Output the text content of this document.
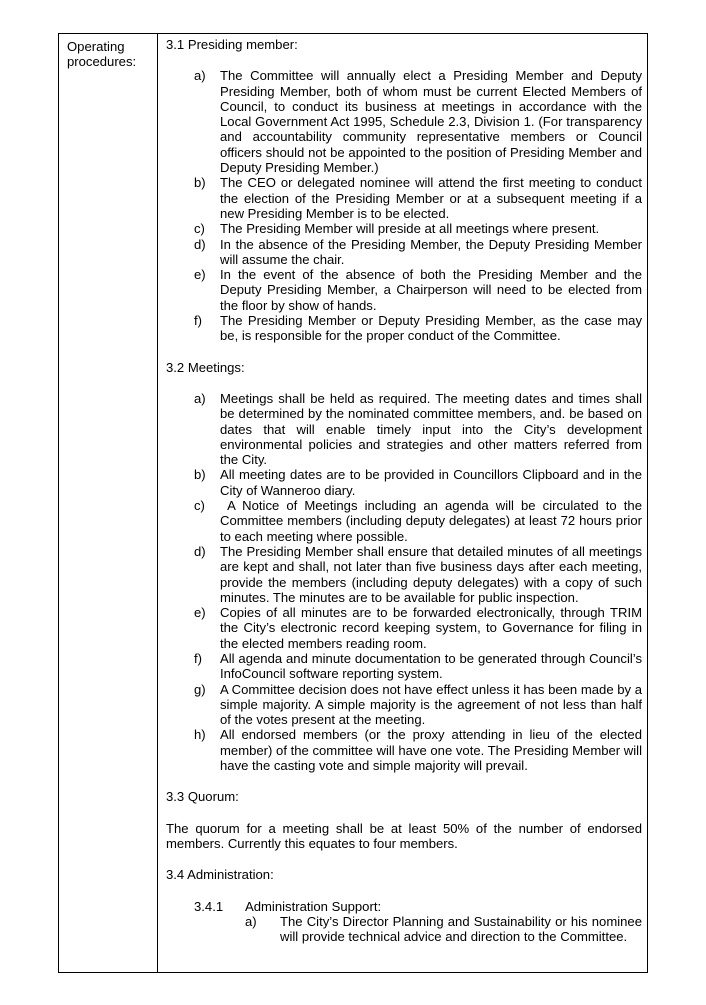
Operating procedures:

3.1 Presiding member:

a)	The Committee will annually elect a Presiding Member and Deputy Presiding Member, both of whom must be current Elected Members of Council, to conduct its business at meetings in accordance with the Local Government Act 1995, Schedule 2.3, Division 1. (For transparency and accountability community representative members or Council officers should not be appointed to the position of Presiding Member and Deputy Presiding Member.)
b)	The CEO or delegated nominee will attend the first meeting to conduct the election of the Presiding Member or at a subsequent meeting if a new Presiding Member is to be elected.
c)	The Presiding Member will preside at all meetings where present.
d)	In the absence of the Presiding Member, the Deputy Presiding Member will assume the chair.
e)	In the event of the absence of both the Presiding Member and the Deputy Presiding Member, a Chairperson will need to be elected from the floor by show of hands.
f)	The Presiding Member or Deputy Presiding Member, as the case may be, is responsible for the proper conduct of the Committee.

3.2 Meetings:

a)	Meetings shall be held as required. The meeting dates and times shall be determined by the nominated committee members, and. be based on dates that will enable timely input into the City’s development environmental policies and strategies and other matters referred from the City.
b)	All meeting dates are to be provided in Councillors Clipboard and in the City of Wanneroo diary.
c)	A Notice of Meetings including an agenda will be circulated to the Committee members (including deputy delegates) at least 72 hours prior to each meeting where possible.
d)	The Presiding Member shall ensure that detailed minutes of all meetings are kept and shall, not later than five business days after each meeting, provide the members (including deputy delegates) with a copy of such minutes. The minutes are to be available for public inspection.
e)	Copies of all minutes are to be forwarded electronically, through TRIM the City’s electronic record keeping system, to Governance for filing in the elected members reading room.
f)	All agenda and minute documentation to be generated through Council’s InfoCouncil software reporting system.
g)	A Committee decision does not have effect unless it has been made by a simple majority. A simple majority is the agreement of not less than half of the votes present at the meeting.
h)	All endorsed members (or the proxy attending in lieu of the elected member) of the committee will have one vote. The Presiding Member will have the casting vote and simple majority will prevail.

3.3 Quorum:

The quorum for a meeting shall be at least 50% of the number of endorsed members. Currently this equates to four members.

3.4 Administration:

3.4.1	Administration Support:
a)	The City’s Director Planning and Sustainability or his nominee will provide technical advice and direction to the Committee.
